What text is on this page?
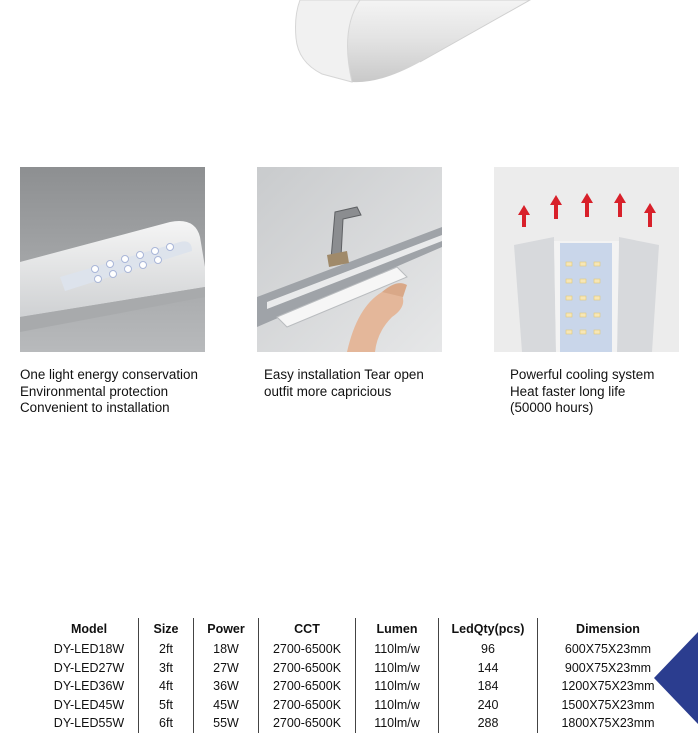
One light energy conservation
Environmental protection
Convenient to installation
Easy installation Tear open
outfit more capricious
Powerful cooling system
Heat faster long life
(50000 hours)
Model	Size	Power	CCT	Lumen	LedQty(pcs)	Dimension
DY-LED18W	2ft	18W	2700-6500K	110lm/w	96	600X75X23mm
DY-LED27W	3ft	27W	2700-6500K	110lm/w	144	900X75X23mm
DY-LED36W	4ft	36W	2700-6500K	110lm/w	184	1200X75X23mm
DY-LED45W	5ft	45W	2700-6500K	110lm/w	240	1500X75X23mm
DY-LED55W	6ft	55W	2700-6500K	110lm/w	288	1800X75X23mm
